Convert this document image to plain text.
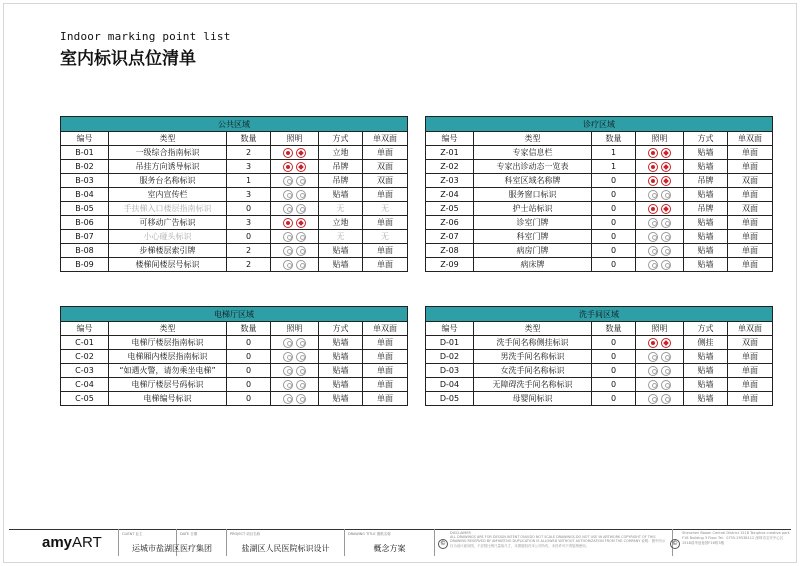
Indoor marking point list
室内标识点位清单
公共区域					
编号	类型	数量	照明	方式	单双面
B-01	一级综合指南标识	2		立地	单面
B-02	吊挂方向诱导标识	3		吊牌	双面
B-03	服务台名称标识	1		吊牌	双面
B-04	室内宣传栏	3		贴墙	单面
B-05	手扶梯入口楼层指南标识	0		无	无
B-06	可移动广告标识	3		立地	单面
B-07	小心碰头标识	0		无	无
B-08	步梯楼层索引牌	2		贴墙	单面
B-09	楼梯间楼层号标识	2		贴墙	单面
诊疗区域					
编号	类型	数量	照明	方式	单双面
Z-01	专家信息栏	1		贴墙	单面
Z-02	专家出诊动态一览表	1		贴墙	单面
Z-03	科室区域名称牌	0		吊牌	双面
Z-04	服务窗口标识	0		贴墙	单面
Z-05	护士站标识	0		吊牌	双面
Z-06	诊室门牌	0		贴墙	单面
Z-07	科室门牌	0		贴墙	单面
Z-08	病房门牌	0		贴墙	单面
Z-09	病床牌	0		贴墙	单面
电梯厅区域					
编号	类型	数量	照明	方式	单双面
C-01	电梯厅楼层指南标识	0		贴墙	单面
C-02	电梯厢内楼层指南标识	0		贴墙	单面
C-03	“如遇火警，请勿乘坐电梯”	0		贴墙	单面
C-04	电梯厅楼层号码标识	0		贴墙	单面
C-05	电梯编号标识	0		贴墙	单面
洗手间区域					
编号	类型	数量	照明	方式	单双面
D-01	洗手间名称侧挂标识	0		侧挂	双面
D-02	男洗手间名称标识	0		贴墙	单面
D-03	女洗手间名称标识	0		贴墙	单面
D-04	无障碍洗手间名称标识	0		贴墙	单面
D-05	母婴间标识	0		贴墙	单面
amyART	CLIENT 业主	DATE 日期
运城市盐湖区医疗集团
PROJECT 项目名称
盐湖区人民医院标识设计
DRAWING TITLE 图纸名称
概念方案
©
DISCLAIMER
ALL DRAWINGS ARE FOR DESIGN INTENT ONLY.DO NOT SCALE DRAWINGS.DO NOT USE IN ARTWORK COPYRIGHT OF THIS DRAWING RESERVED BY AMYART.NO DUPLICATION IS ALLOWED WITHOUT AUTHORIZATION FROM THE COMPANY 说明：图中所示仅为设计意向图，不应按比例尺量取尺寸，本图版权归本公司所有，未经许可不得复制使用。	©
Shenzhen Baoan Central District 1518 Tsinghua creative park F16 Building 3 Floor Tel：0755-29538112 深圳市宝安中心区1518清华创意园F16栋3楼
